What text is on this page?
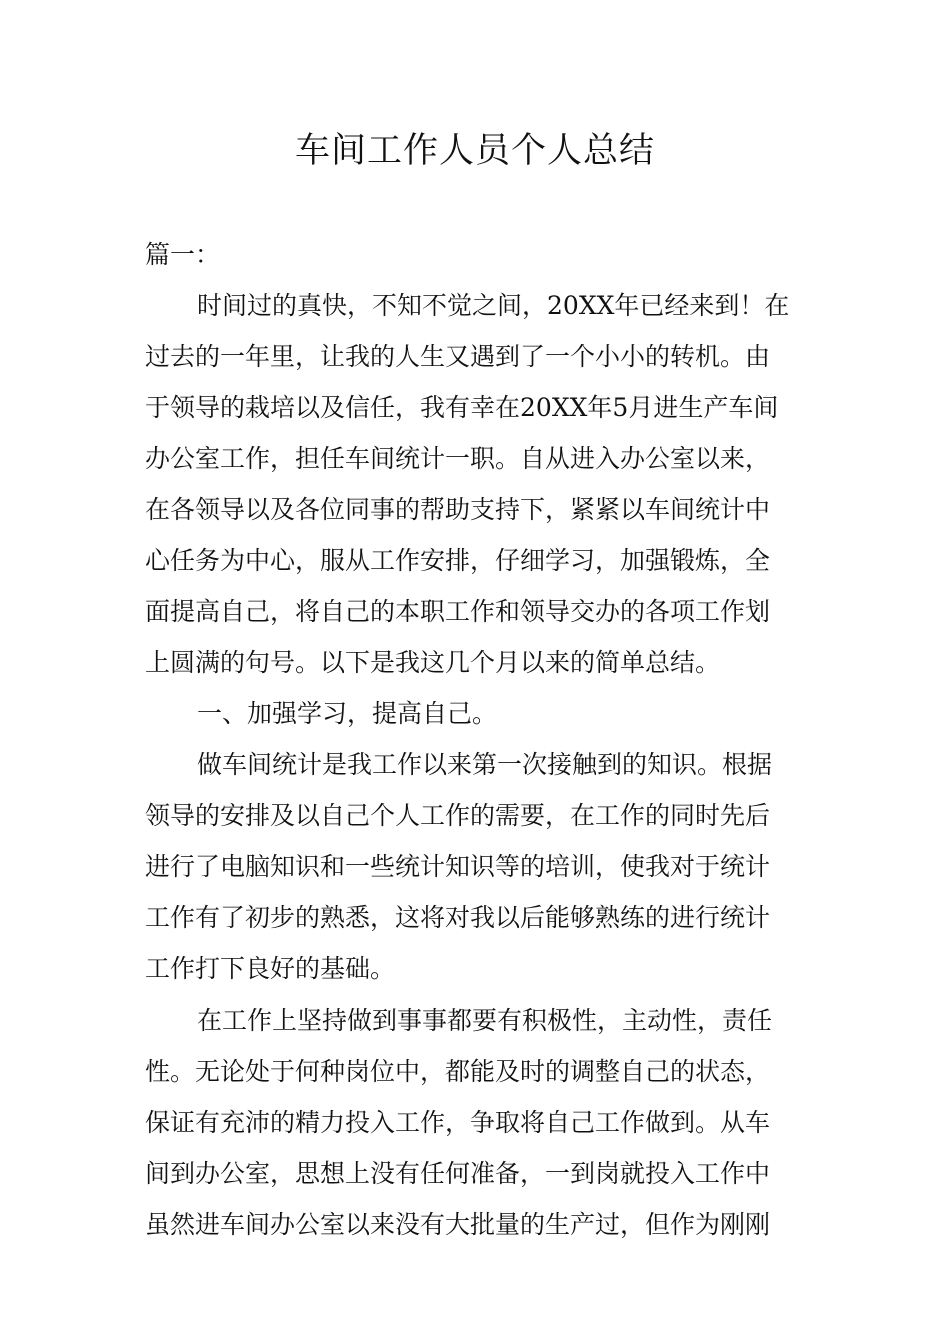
车间工作人员个人总结
篇一：
时间过的真快，不知不觉之间，20XX年已经来到！在
过去的一年里，让我的人生又遇到了一个小小的转机。由
于领导的栽培以及信任，我有幸在20XX年5月进生产车间
办公室工作，担任车间统计一职。自从进入办公室以来，
在各领导以及各位同事的帮助支持下，紧紧以车间统计中
心任务为中心，服从工作安排，仔细学习，加强锻炼，全
面提高自己，将自己的本职工作和领导交办的各项工作划
上圆满的句号。以下是我这几个月以来的简单总结。
一、加强学习，提高自己。
做车间统计是我工作以来第一次接触到的知识。根据
领导的安排及以自己个人工作的需要，在工作的同时先后
进行了电脑知识和一些统计知识等的培训，使我对于统计
工作有了初步的熟悉，这将对我以后能够熟练的进行统计
工作打下良好的基础。
在工作上坚持做到事事都要有积极性，主动性，责任
性。无论处于何种岗位中，都能及时的调整自己的状态，
保证有充沛的精力投入工作，争取将自己工作做到。从车
间到办公室，思想上没有任何准备，一到岗就投入工作中
虽然进车间办公室以来没有大批量的生产过，但作为刚刚
